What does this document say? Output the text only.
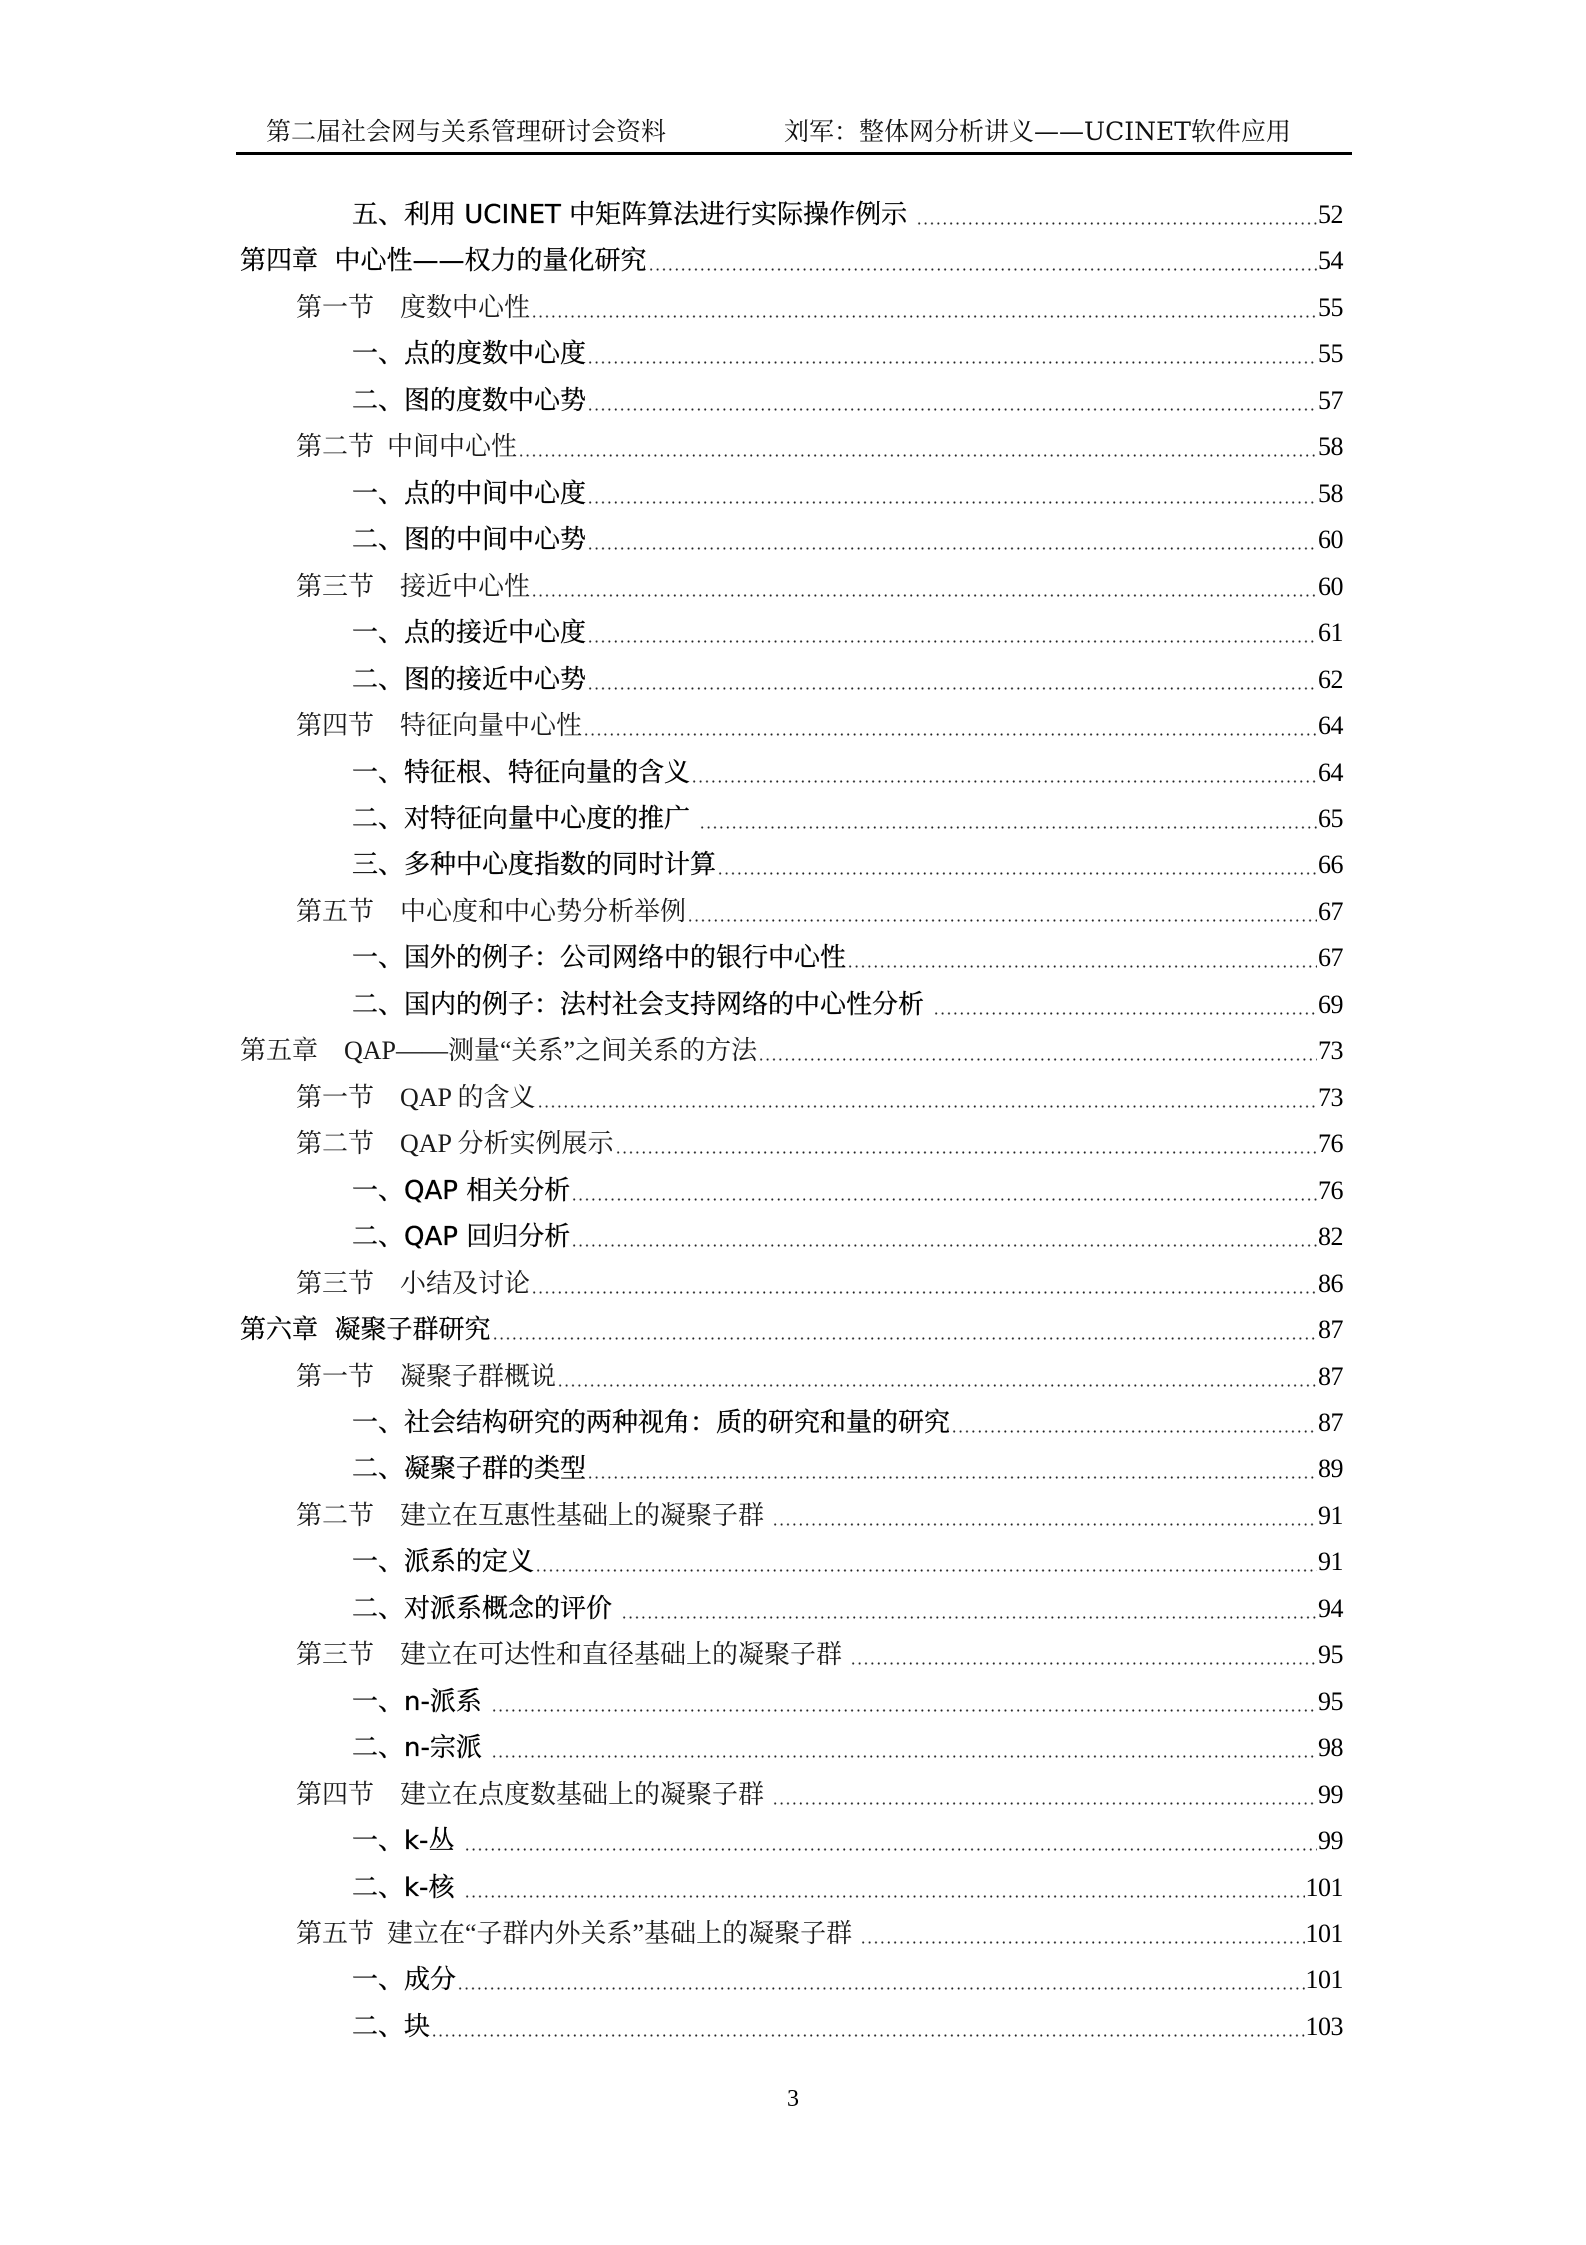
第二届社会网与关系管理研讨会资料	刘军：整体网分析讲义——UCINET软件应用
五、利用 UCINET 中矩阵算法进行实际操作例示	52
第四章  中心性——权力的量化研究	54
第一节    度数中心性	55
一、点的度数中心度	55
二、图的度数中心势	57
第二节  中间中心性	58
一、点的中间中心度	58
二、图的中间中心势	60
第三节    接近中心性	60
一、点的接近中心度	61
二、图的接近中心势	62
第四节    特征向量中心性	64
一、特征根、特征向量的含义	64
二、对特征向量中心度的推广	65
三、多种中心度指数的同时计算	66
第五节    中心度和中心势分析举例	67
一、国外的例子：公司网络中的银行中心性	67
二、国内的例子：法村社会支持网络的中心性分析	69
第五章    QAP——测量“关系”之间关系的方法	73
第一节    QAP 的含义	73
第二节    QAP 分析实例展示	76
一、QAP 相关分析	76
二、QAP 回归分析	82
第三节    小结及讨论	86
第六章  凝聚子群研究	87
第一节    凝聚子群概说	87
一、社会结构研究的两种视角：质的研究和量的研究	87
二、凝聚子群的类型	89
第二节    建立在互惠性基础上的凝聚子群	91
一、派系的定义	91
二、对派系概念的评价	94
第三节    建立在可达性和直径基础上的凝聚子群	95
一、n-派系	95
二、n-宗派	98
第四节    建立在点度数基础上的凝聚子群	99
一、k-丛	99
二、k-核	101
第五节  建立在“子群内外关系”基础上的凝聚子群	101
一、成分	101
二、块	103
3
